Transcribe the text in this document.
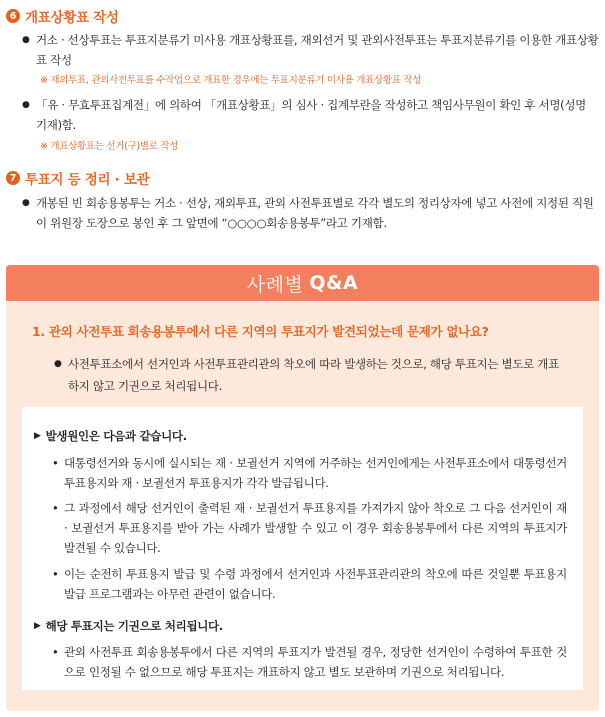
6 개표상황표 작성
● 거소 · 선상투표는 투표지분류기 미사용 개표상황표를, 재외선거 및 관외사전투표는 투표지분류기를 이용한 개표상황표 작성
※ 재외투표, 관외사전투표를 수작업으로 개표한 경우에는 투표지분류기 미사용 개표상황표 작성
● 「유 · 무효투표집계전」에 의하여 「개표상황표」의 심사 · 집계부란을 작성하고 책임사무원이 확인 후 서명(성명 기재)함.
※ 개표상황표는 선거(구)별로 작성
7 투표지 등 정리 · 보관
● 개봉된 빈 회송용봉투는 거소 · 선상, 재외투표, 관외 사전투표별로 각각 별도의 정리상자에 넣고 사전에 지정된 직원이 위원장 도장으로 봉인 후 그 앞면에 “○○○○회송용봉투”라고 기재함.
사례별 Q&A
1. 관외 사전투표 회송용봉투에서 다른 지역의 투표지가 발견되었는데 문제가 없나요?
● 사전투표소에서 선거인과 사전투표관리관의 착오에 따라 발생하는 것으로, 해당 투표지는 별도로 개표하지 않고 기권으로 처리됩니다.
▶ 발생원인은 다음과 같습니다.
• 대통령선거와 동시에 실시되는 재 · 보궐선거 지역에 거주하는 선거인에게는 사전투표소에서 대통령선거 투표용지와 재 · 보궐선거 투표용지가 각각 발급됩니다.
• 그 과정에서 해당 선거인이 출력된 재 · 보궐선거 투표용지를 가져가지 않아 착오로 그 다음 선거인이 재 · 보궐선거 투표용지를 받아 가는 사례가 발생할 수 있고 이 경우 회송용봉투에서 다른 지역의 투표지가 발견될 수 있습니다.
• 이는 순전히 투표용지 발급 및 수령 과정에서 선거인과 사전투표관리관의 착오에 따른 것일뿐 투표용지 발급 프로그램과는 아무런 관련이 없습니다.
▶ 해당 투표지는 기권으로 처리됩니다.
• 관외 사전투표 회송용봉투에서 다른 지역의 투표지가 발견될 경우, 정당한 선거인이 수령하여 투표한 것으로 인정될 수 없으므로 해당 투표지는 개표하지 않고 별도 보관하며 기권으로 처리됩니다.
